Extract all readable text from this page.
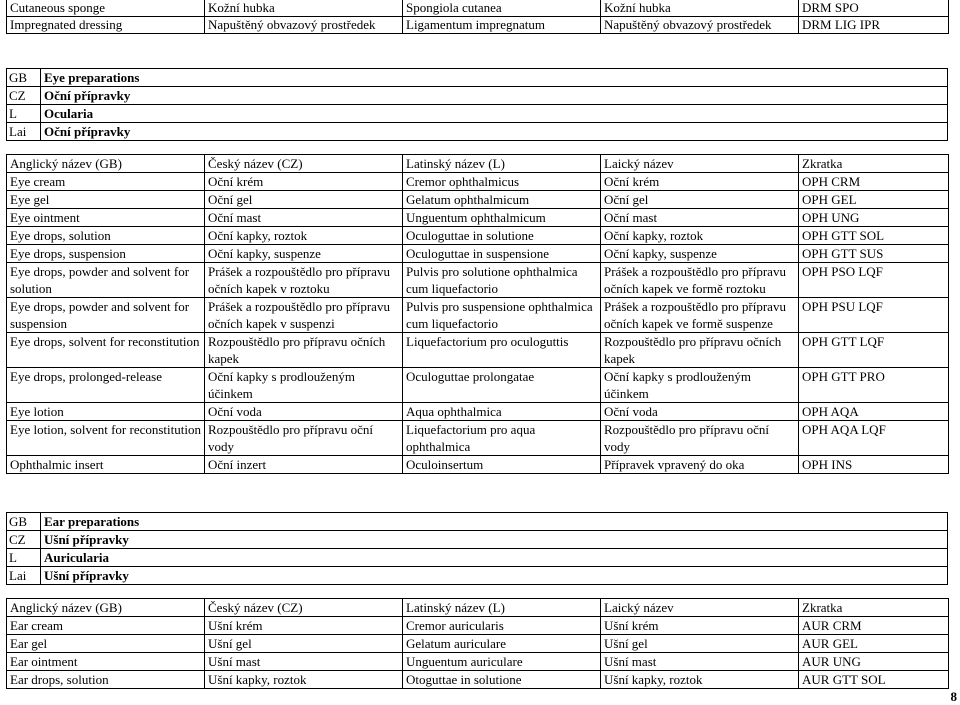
Cutaneous sponge	Kožní hubka	Spongiola cutanea	Kožní hubka	DRM SPO
Impregnated dressing	Napuštěný obvazový prostředek	Ligamentum impregnatum	Napuštěný obvazový prostředek	DRM LIG IPR
GB	Eye preparations
CZ	Oční přípravky
L	Ocularia
Lai	Oční přípravky
Anglický název (GB)	Český název (CZ)	Latinský název (L)	Laický název	Zkratka
Eye cream	Oční krém	Cremor ophthalmicus	Oční krém	OPH CRM
Eye gel	Oční gel	Gelatum ophthalmicum	Oční gel	OPH GEL
Eye ointment	Oční mast	Unguentum ophthalmicum	Oční mast	OPH UNG
Eye drops, solution	Oční kapky, roztok	Oculoguttae in solutione	Oční kapky, roztok	OPH GTT SOL
Eye drops, suspension	Oční kapky, suspenze	Oculoguttae in suspensione	Oční kapky, suspenze	OPH GTT SUS
Eye drops, powder and solvent for solution	Prášek a rozpouštědlo pro přípravu očních kapek v roztoku	Pulvis pro solutione ophthalmica cum liquefactorio	Prášek a rozpouštědlo pro přípravu očních kapek ve formě roztoku	OPH PSO LQF
Eye drops, powder and solvent for suspension	Prášek a rozpouštědlo pro přípravu očních kapek v suspenzi	Pulvis pro suspensione ophthalmica cum liquefactorio	Prášek a rozpouštědlo pro přípravu očních kapek ve formě suspenze	OPH PSU LQF
Eye drops, solvent for reconstitution	Rozpouštědlo pro přípravu očních kapek	Liquefactorium pro oculoguttis	Rozpouštědlo pro přípravu očních kapek	OPH GTT LQF
Eye drops, prolonged-release	Oční kapky s prodlouženým účinkem	Oculoguttae prolongatae	Oční kapky s prodlouženým účinkem	OPH GTT PRO
Eye lotion	Oční voda	Aqua ophthalmica	Oční voda	OPH AQA
Eye lotion, solvent for reconstitution	Rozpouštědlo pro přípravu oční vody	Liquefactorium pro aqua ophthalmica	Rozpouštědlo pro přípravu oční vody	OPH AQA LQF
Ophthalmic insert	Oční inzert	Oculoinsertum	Přípravek vpravený do oka	OPH INS
GB	Ear preparations
CZ	Ušní přípravky
L	Auricularia
Lai	Ušní přípravky
Anglický název (GB)	Český název (CZ)	Latinský název (L)	Laický název	Zkratka
Ear cream	Ušní krém	Cremor auricularis	Ušní krém	AUR CRM
Ear gel	Ušní gel	Gelatum auriculare	Ušní gel	AUR GEL
Ear ointment	Ušní mast	Unguentum auriculare	Ušní mast	AUR UNG
Ear drops, solution	Ušní kapky, roztok	Otoguttae in solutione	Ušní kapky, roztok	AUR GTT SOL
8
